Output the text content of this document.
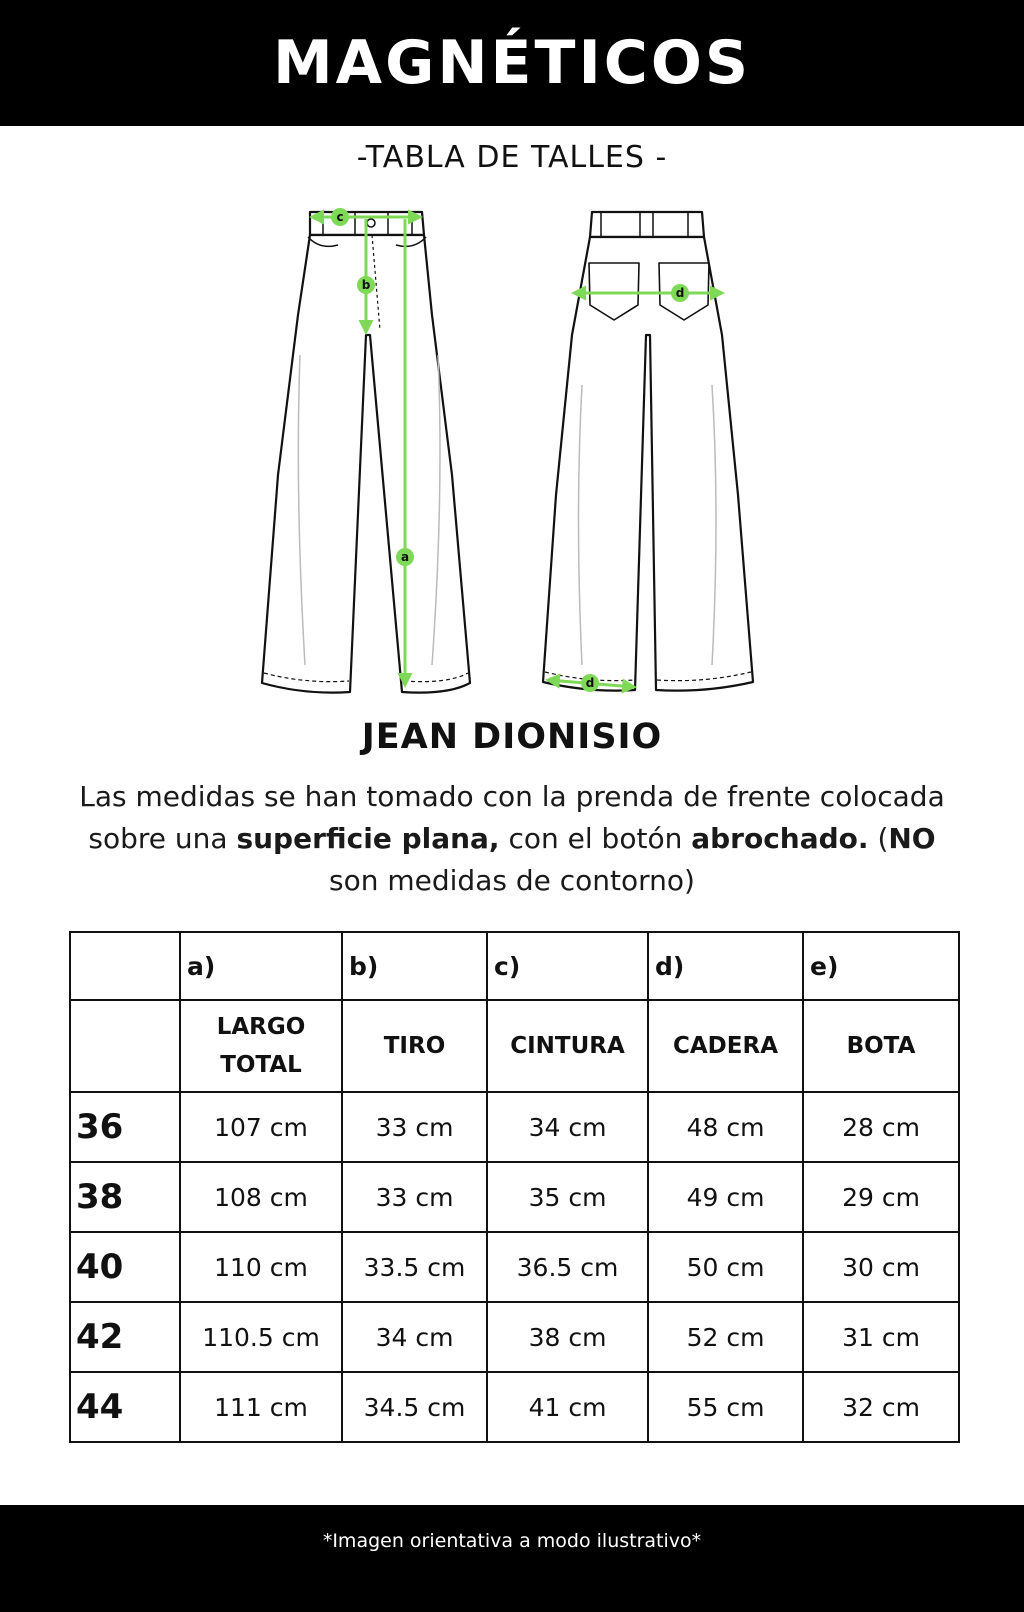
MAGNÉTICOS
-TABLA DE TALLES -
c
b
a
d
d
JEAN DIONISIO
Las medidas se han tomado con la prenda de frente colocada sobre una superficie plana, con el botón abrochado. (NO son medidas de contorno)
	a)	b)	c)	d)	e)

	LARGO TOTAL	TIRO	CINTURA	CADERA	BOTA
36	107 cm	33 cm	34 cm	48 cm	28 cm
38	108 cm	33 cm	35 cm	49 cm	29 cm
40	110 cm	33.5 cm	36.5 cm	50 cm	30 cm
42	110.5 cm	34 cm	38 cm	52 cm	31 cm
44	111 cm	34.5 cm	41 cm	55 cm	32 cm
*Imagen orientativa a modo ilustrativo*
